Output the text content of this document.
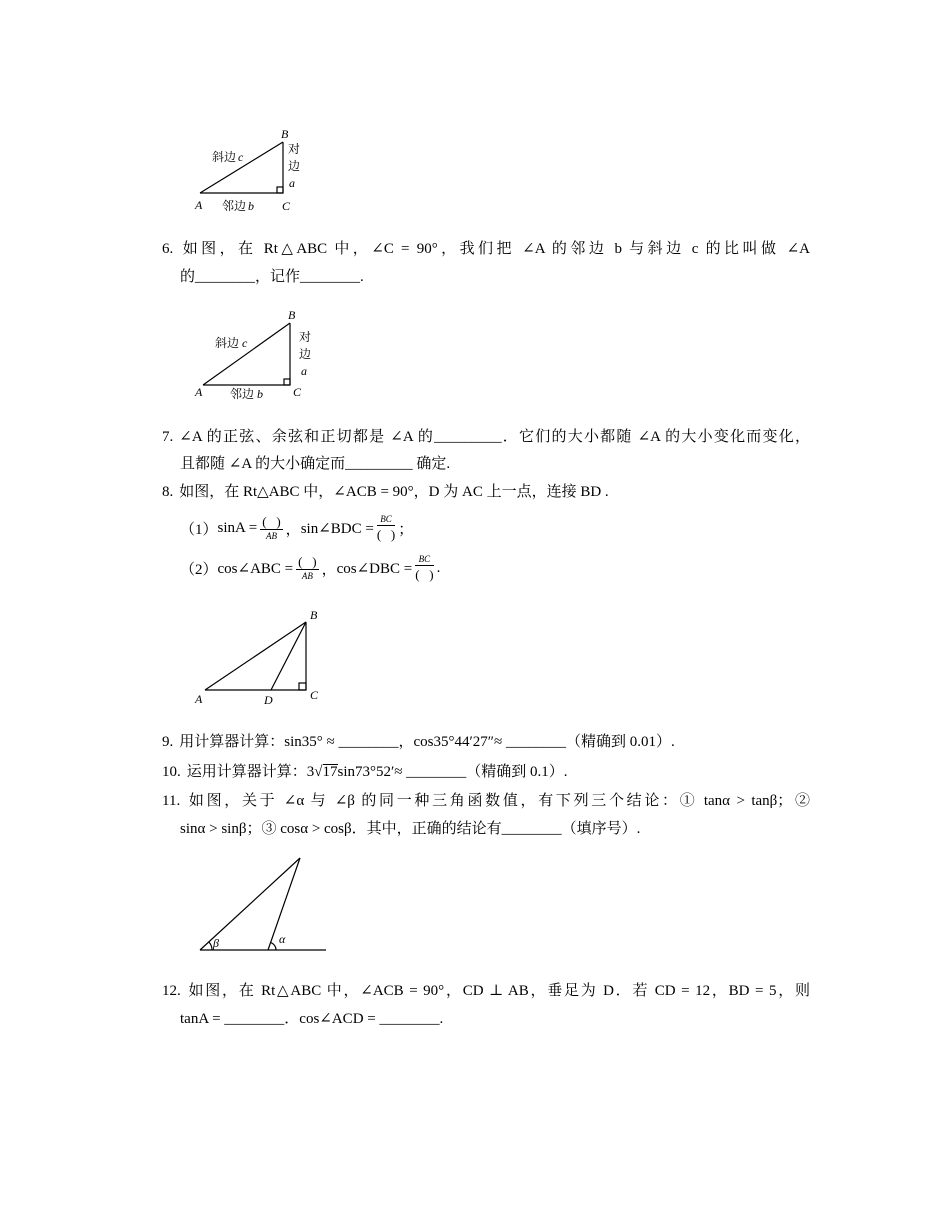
B
斜边 c
对
边
a
A 邻边 b C
B
斜边 c	对
边
a
A 邻边 b	C
B
A	D	C
β	α
6. 如图，在 Rt△ABC 中，∠C = 90°，我们把 ∠A 的邻边 b 与斜边 c 的比叫做 ∠A
的________，记作________.
7. ∠A 的正弦、余弦和正切都是 ∠A 的_________．它们的大小都随 ∠A 的大小变化而变化，
且都随 ∠A 的大小确定而_________ 确定.
8. 如图，在 Rt△ABC 中，∠ACB = 90°，D 为 AC 上一点，连接 BD .
（1） $\sin A = \frac{( )}{AB}$ ， sin∠BDC = $\frac{BC}{( )}$ ；
（2） cos∠ABC = $\frac{( )}{AB}$ ， cos∠DBC = $\frac{BC}{( )}$ .
9. 用计算器计算：sin35° ≈ ________，cos35°44′27″≈ ________（精确到 0.01）.
10. 运用计算器计算：3√17sin73°52′≈ ________（精确到 0.1）.
11. 如图，关于 ∠α 与 ∠β 的同一种三角函数值，有下列三个结论：① tanα > tanβ；②
sinα > sinβ；③ cosα > cosβ．其中，正确的结论有________（填序号）.
12. 如图，在 Rt△ABC 中，∠ACB = 90°，CD ⊥ AB，垂足为 D．若 CD = 12，BD = 5，则
tanA = ________．cos∠ACD = ________.
